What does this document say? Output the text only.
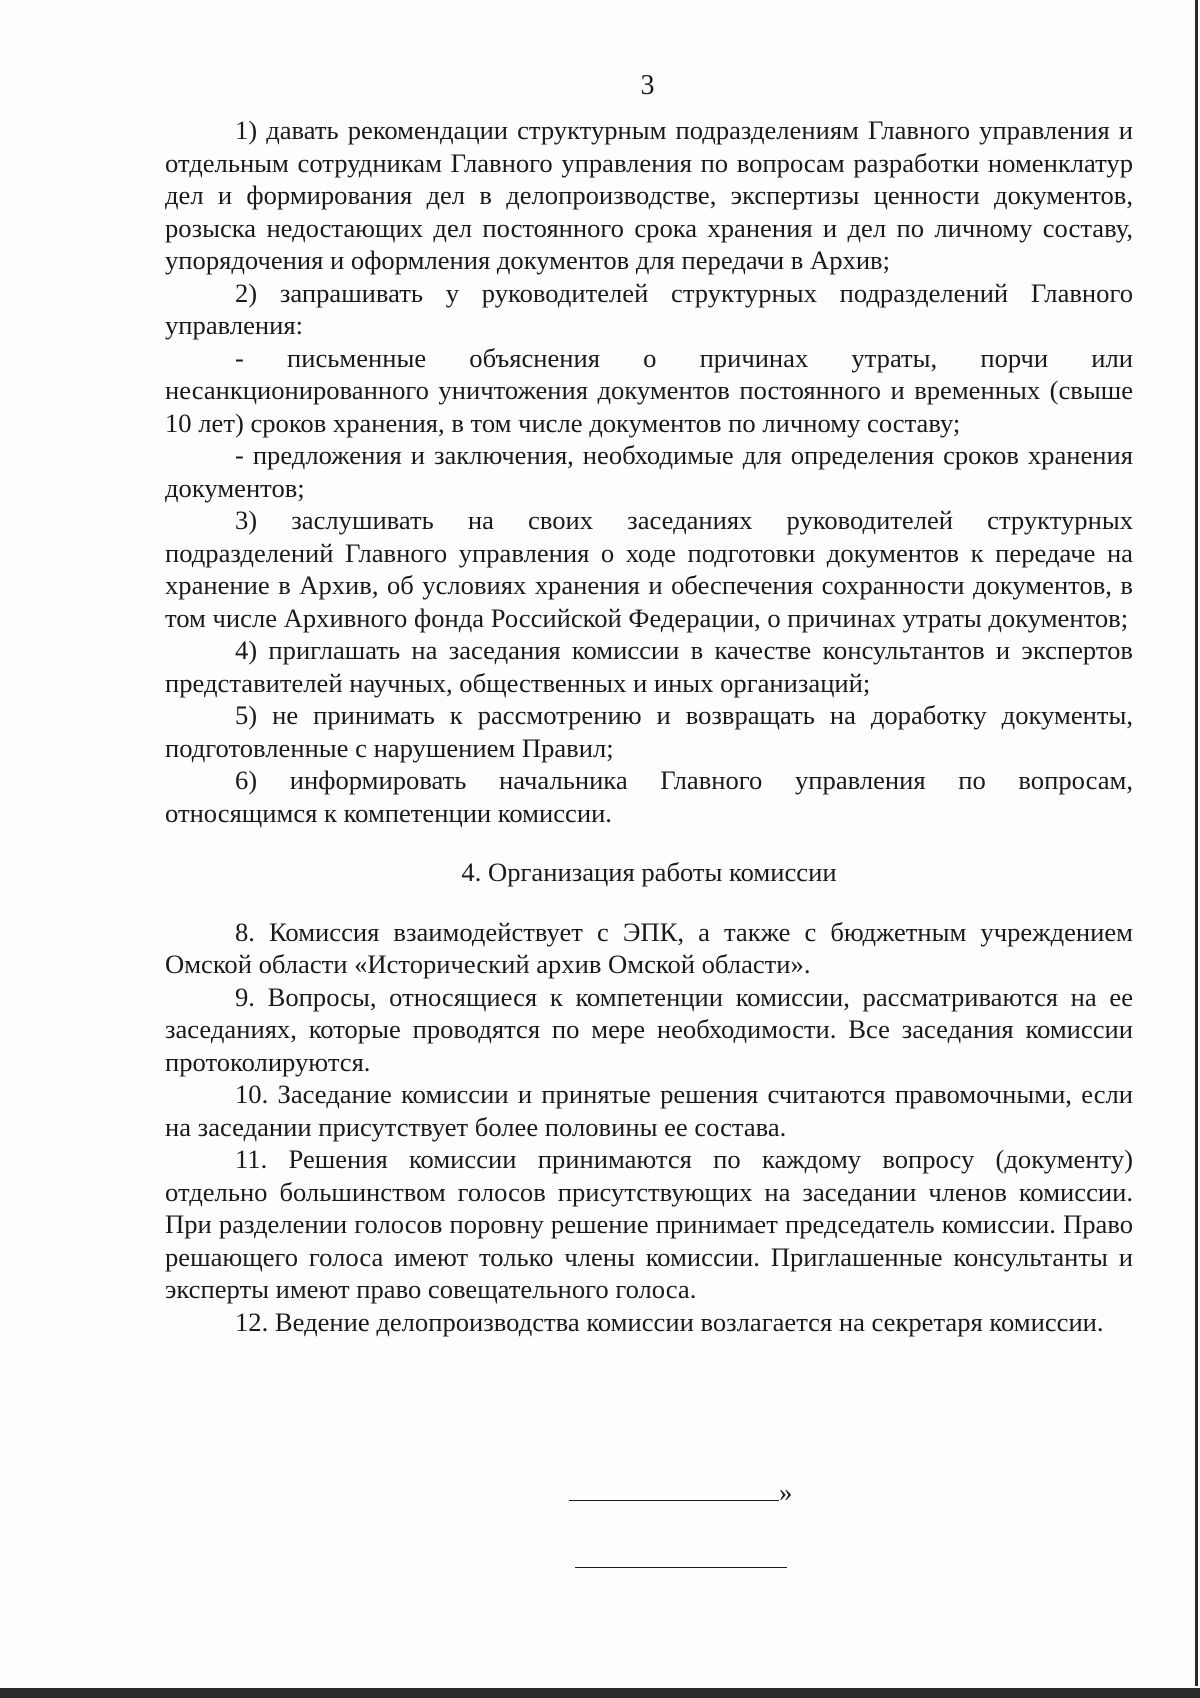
3

1) давать рекомендации структурным подразделениям Главного управления и отдельным сотрудникам Главного управления по вопросам разработки номенклатур дел и формирования дел в делопроизводстве, экспертизы ценности документов, розыска недостающих дел постоянного срока хранения и дел по личному составу, упорядочения и оформления документов для передачи в Архив;

2) запрашивать у руководителей структурных подразделений Главного управления:

- письменные объяснения о причинах утраты, порчи или несанкционированного уничтожения документов постоянного и временных (свыше 10 лет) сроков хранения, в том числе документов по личному составу;

- предложения и заключения, необходимые для определения сроков хранения документов;

3) заслушивать на своих заседаниях руководителей структурных подразделений Главного управления о ходе подготовки документов к передаче на хранение в Архив, об условиях хранения и обеспечения сохранности документов, в том числе Архивного фонда Российской Федерации, о причинах утраты документов;

4) приглашать на заседания комиссии в качестве консультантов и экспертов представителей научных, общественных и иных организаций;

5) не принимать к рассмотрению и возвращать на доработку документы, подготовленные с нарушением Правил;

6) информировать начальника Главного управления по вопросам, относящимся к компетенции комиссии.

4. Организация работы комиссии

8. Комиссия взаимодействует с ЭПК, а также с бюджетным учреждением Омской области «Исторический архив Омской области».

9. Вопросы, относящиеся к компетенции комиссии, рассматриваются на ее заседаниях, которые проводятся по мере необходимости. Все заседания комиссии протоколируются.

10. Заседание комиссии и принятые решения считаются правомочными, если на заседании присутствует более половины ее состава.

11. Решения комиссии принимаются по каждому вопросу (документу) отдельно большинством голосов присутствующих на заседании членов комиссии. При разделении голосов поровну решение принимает председатель комиссии. Право решающего голоса имеют только члены комиссии. Приглашенные консультанты и эксперты имеют право совещательного голоса.

12. Ведение делопроизводства комиссии возлагается на секретаря комиссии.

»
